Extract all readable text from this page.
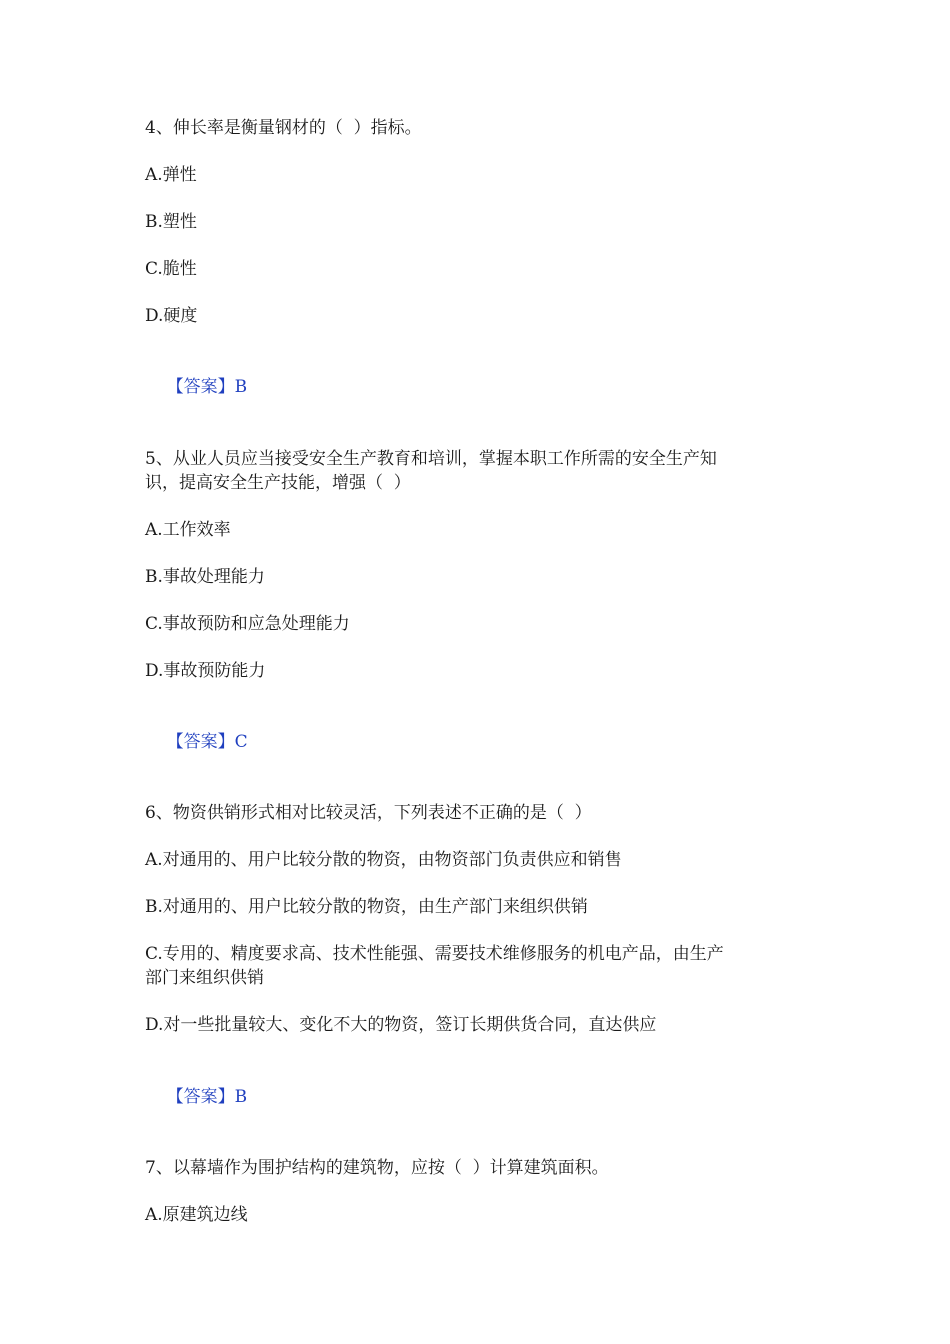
4、伸长率是衡量钢材的（  ）指标。
A.弹性
B.塑性
C.脆性
D.硬度

【答案】B

5、从业人员应当接受安全生产教育和培训，掌握本职工作所需的安全生产知
识，提高安全生产技能，增强（  ）
A.工作效率
B.事故处理能力
C.事故预防和应急处理能力
D.事故预防能力

【答案】C

6、物资供销形式相对比较灵活，下列表述不正确的是（  ）
A.对通用的、用户比较分散的物资，由物资部门负责供应和销售
B.对通用的、用户比较分散的物资，由生产部门来组织供销
C.专用的、精度要求高、技术性能强、需要技术维修服务的机电产品，由生产
部门来组织供销
D.对一些批量较大、变化不大的物资，签订长期供货合同，直达供应

【答案】B

7、以幕墙作为围护结构的建筑物，应按（  ）计算建筑面积。
A.原建筑边线
